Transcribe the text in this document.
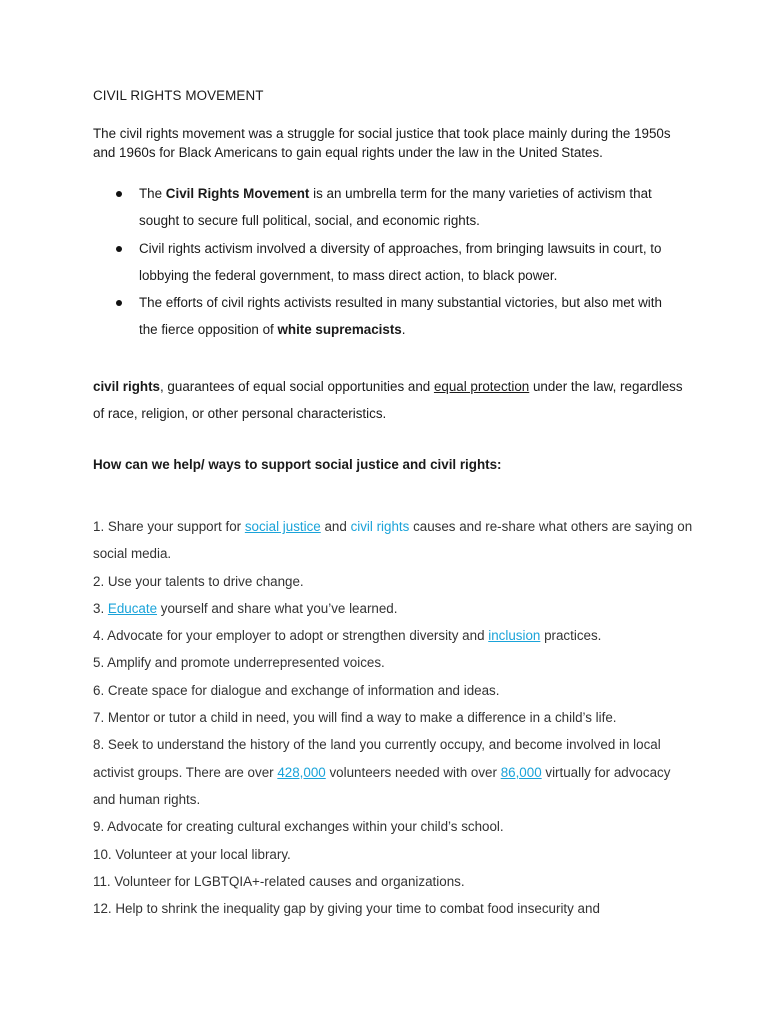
CIVIL RIGHTS MOVEMENT
The civil rights movement was a struggle for social justice that took place mainly during the 1950s and 1960s for Black Americans to gain equal rights under the law in the United States.
The Civil Rights Movement is an umbrella term for the many varieties of activism that sought to secure full political, social, and economic rights.
Civil rights activism involved a diversity of approaches, from bringing lawsuits in court, to lobbying the federal government, to mass direct action, to black power.
The efforts of civil rights activists resulted in many substantial victories, but also met with the fierce opposition of white supremacists.
civil rights, guarantees of equal social opportunities and equal protection under the law, regardless of race, religion, or other personal characteristics.
How can we help/ ways to support social justice and civil rights:
1. Share your support for social justice and civil rights causes and re-share what others are saying on social media.
2. Use your talents to drive change.
3. Educate yourself and share what you’ve learned.
4. Advocate for your employer to adopt or strengthen diversity and inclusion practices.
5. Amplify and promote underrepresented voices.
6. Create space for dialogue and exchange of information and ideas.
7. Mentor or tutor a child in need, you will find a way to make a difference in a child’s life.
8. Seek to understand the history of the land you currently occupy, and become involved in local activist groups. There are over 428,000 volunteers needed with over 86,000 virtually for advocacy and human rights.
9. Advocate for creating cultural exchanges within your child’s school.
10. Volunteer at your local library.
11. Volunteer for LGBTQIA+-related causes and organizations.
12. Help to shrink the inequality gap by giving your time to combat food insecurity and
